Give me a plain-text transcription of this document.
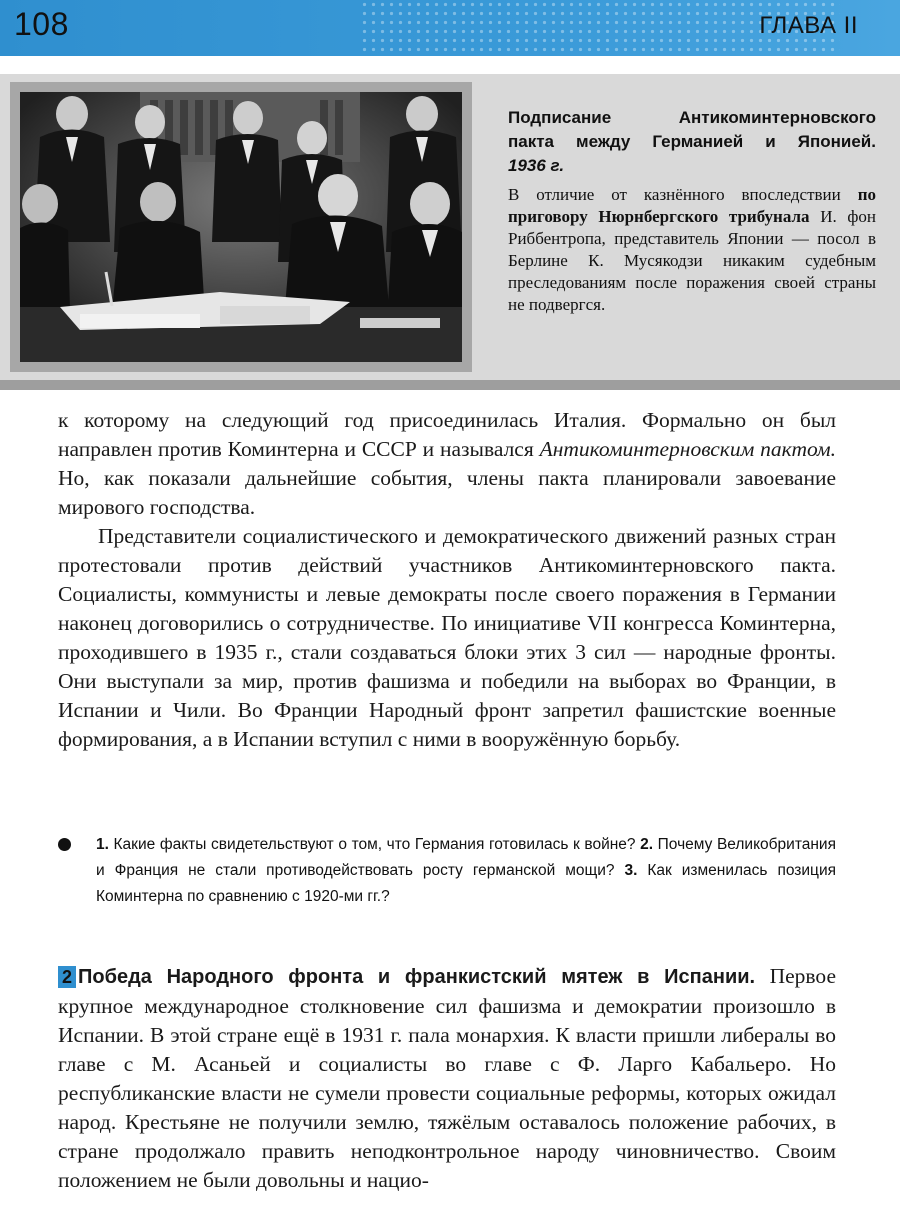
108	ГЛАВА II
Подписание Антикоминтерновского
пакта между Германией и Японией.
1936 г.
В отличие от казнённого впоследствии по приговору Нюрнбергского трибунала И. фон Риббентропа, представитель Японии — посол в Берлине К. Мусякодзи никаким судебным преследованиям после поражения своей страны не подвергся.

к которому на следующий год присоединилась Италия. Формально он был направлен против Коминтерна и СССР и назывался Антикоминтерновским пактом. Но, как показали дальнейшие события, члены пакта планировали завоевание мирового господства.

Представители социалистического и демократического движений разных стран протестовали против действий участников Антикоминтерновского пакта. Социалисты, коммунисты и левые демократы после своего поражения в Германии наконец договорились о сотрудничестве. По инициативе VII конгресса Коминтерна, проходившего в 1935 г., стали создаваться блоки этих 3 сил — народные фронты. Они выступали за мир, против фашизма и победили на выборах во Франции, в Испании и Чили. Во Франции Народный фронт запретил фашистские военные формирования, а в Испании вступил с ними в вооружённую борьбу.

1. Какие факты свидетельствуют о том, что Германия готовилась к войне? 2. Почему Великобритания и Франция не стали противодействовать росту германской мощи? 3. Как изменилась позиция Коминтерна по сравнению с 1920-ми гг.?

2 Победа Народного фронта и франкистский мятеж в Испании. Первое крупное международное столкновение сил фашизма и демократии произошло в Испании. В этой стране ещё в 1931 г. пала монархия. К власти пришли либералы во главе с М. Асаньей и социалисты во главе с Ф. Ларго Кабальеро. Но республиканские власти не сумели провести социальные реформы, которых ожидал народ. Крестьяне не получили землю, тяжёлым оставалось положение рабочих, в стране продолжало править неподконтрольное народу чиновничество. Своим положением не были довольны и нацио-
